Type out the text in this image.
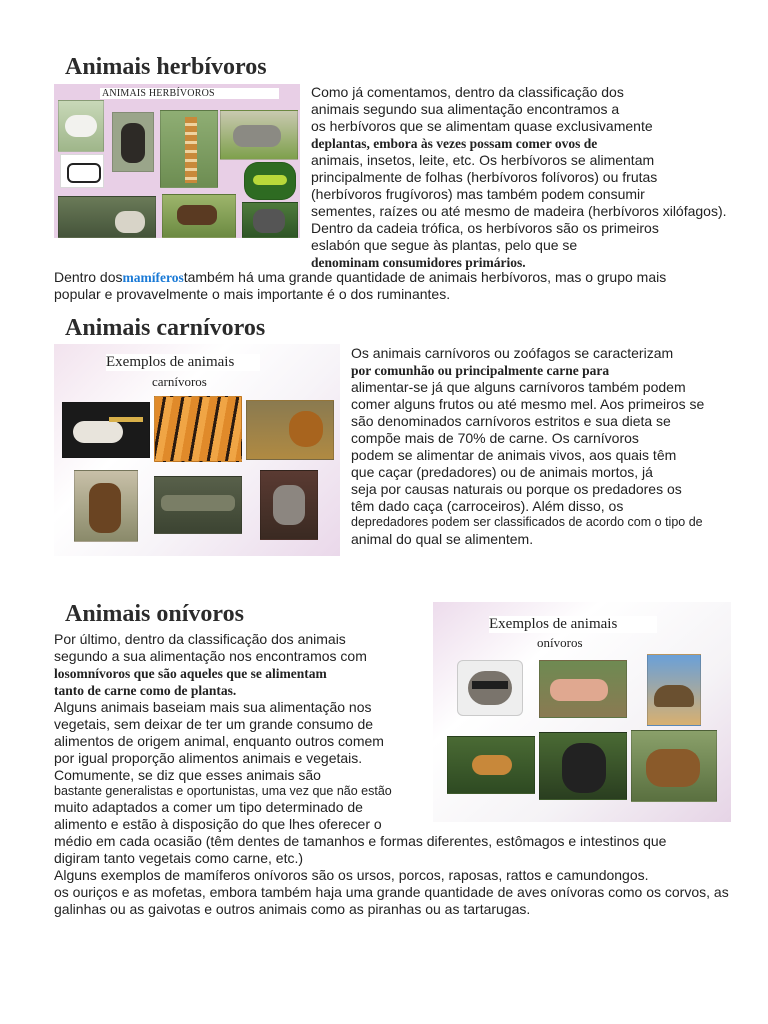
Animais herbívoros
ANIMAIS HERBÍVOROS	Como já comentamos, dentro da classificação dos
animais segundo sua alimentação encontramos a
os herbívoros que se alimentam quase exclusivamente
deplantas, embora às vezes possam comer ovos de
animais, insetos, leite, etc. Os herbívoros se alimentam
principalmente de folhas (herbívoros folívoros) ou frutas
(herbívoros frugívoros) mas também podem consumir
sementes, raízes ou até mesmo de madeira (herbívoros xilófagos).
Dentro da cadeia trófica, os herbívoros são os primeiros
eslabón que segue às plantas, pelo que se
denominam consumidores primários.
Dentro dosmamíferostambém há uma grande quantidade de animais herbívoros, mas o grupo mais
popular e provavelmente o mais importante é o dos ruminantes.
Animais carnívoros
Exemplos de animais
carnívoros
Os animais carnívoros ou zoófagos se caracterizam
por comunhão ou principalmente carne para
alimentar-se já que alguns carnívoros também podem
comer alguns frutos ou até mesmo mel. Aos primeiros se
são denominados carnívoros estritos e sua dieta se
compõe mais de 70% de carne. Os carnívoros
podem se alimentar de animais vivos, aos quais têm
que caçar (predadores) ou de animais mortos, já
seja por causas naturais ou porque os predadores os
têm dado caça (carroceiros). Além disso, os
depredadores podem ser classificados de acordo com o tipo de
animal do qual se alimentem.
Animais onívoros	Exemplos de animais
onívoros
Por último, dentro da classificação dos animais
segundo a sua alimentação nos encontramos com
losomnívoros que são aqueles que se alimentam
tanto de carne como de plantas.
Alguns animais baseiam mais sua alimentação nos
vegetais, sem deixar de ter um grande consumo de
alimentos de origem animal, enquanto outros comem
por igual proporção alimentos animais e vegetais.
Comumente, se diz que esses animais são
bastante generalistas e oportunistas, uma vez que não estão
muito adaptados a comer um tipo determinado de
alimento e estão à disposição do que lhes oferecer o
médio em cada ocasião (têm dentes de tamanhos e formas diferentes, estômagos e intestinos que
digiram tanto vegetais como carne, etc.)
Alguns exemplos de mamíferos onívoros são os ursos, porcos, raposas, rattos e camundongos.
os ouriços e as mofetas, embora também haja uma grande quantidade de aves onívoras como os corvos, as
galinhas ou as gaivotas e outros animais como as piranhas ou as tartarugas.
